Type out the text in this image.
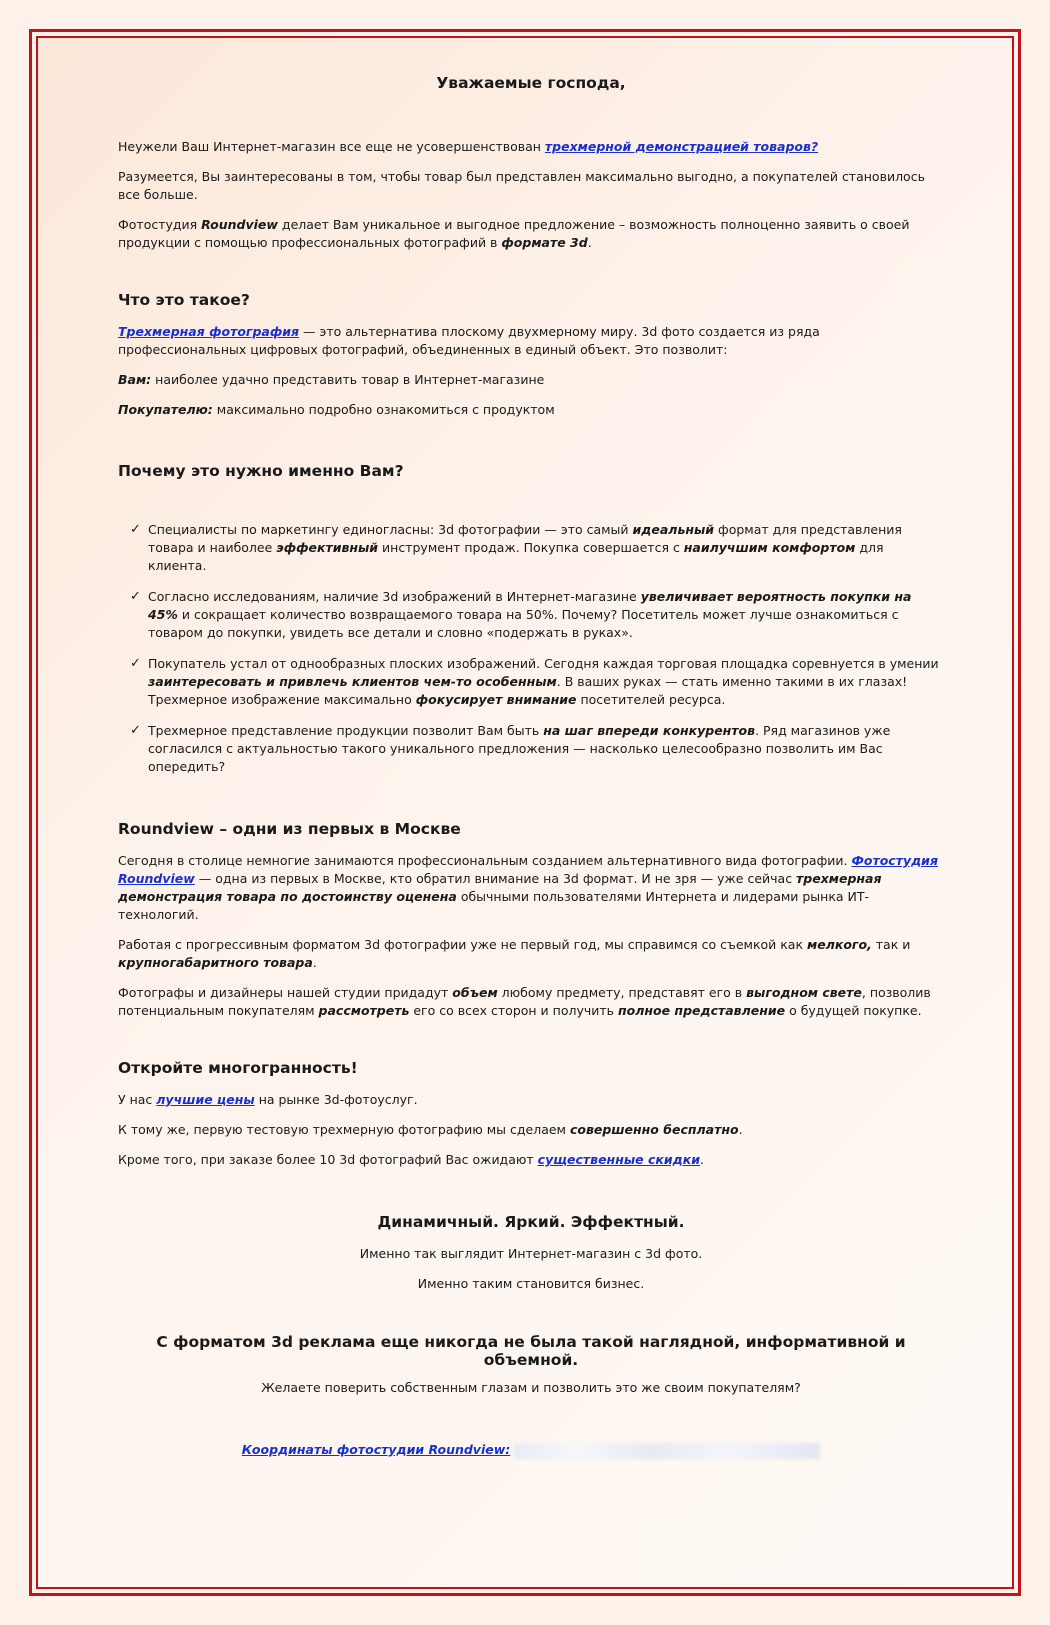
Уважаемые господа,

Неужели Ваш Интернет-магазин все еще не усовершенствован трехмерной демонстрацией товаров?

Разумеется, Вы заинтересованы в том, чтобы товар был представлен максимально выгодно, а покупателей становилось все больше.

Фотостудия Roundview делает Вам уникальное и выгодное предложение – возможность полноценно заявить о своей продукции с помощью профессиональных фотографий в формате 3d.

Что это такое?

Трехмерная фотография — это альтернатива плоскому двухмерному миру. 3d фото создается из ряда профессиональных цифровых фотографий, объединенных в единый объект. Это позволит:

Вам: наиболее удачно представить товар в Интернет-магазине

Покупателю: максимально подробно ознакомиться с продуктом

Почему это нужно именно Вам?
✓ Специалисты по маркетингу единогласны: 3d фотографии — это самый идеальный формат для представления товара и наиболее эффективный инструмент продаж. Покупка совершается с наилучшим комфортом для клиента.
✓ Согласно исследованиям, наличие 3d изображений в Интернет-магазине увеличивает вероятность покупки на 45% и сокращает количество возвращаемого товара на 50%. Почему? Посетитель может лучше ознакомиться с товаром до покупки, увидеть все детали и словно «подержать в руках».
✓ Покупатель устал от однообразных плоских изображений. Сегодня каждая торговая площадка соревнуется в умении заинтересовать и привлечь клиентов чем-то особенным. В ваших руках — стать именно такими в их глазах! Трехмерное изображение максимально фокусирует внимание посетителей ресурса.
✓ Трехмерное представление продукции позволит Вам быть на шаг впереди конкурентов. Ряд магазинов уже согласился с актуальностью такого уникального предложения — насколько целесообразно позволить им Вас опередить?
Roundview – одни из первых в Москве

Сегодня в столице немногие занимаются профессиональным созданием альтернативного вида фотографии. Фотостудия Roundview — одна из первых в Москве, кто обратил внимание на 3d формат. И не зря — уже сейчас трехмерная демонстрация товара по достоинству оценена обычными пользователями Интернета и лидерами рынка ИТ-технологий.

Работая с прогрессивным форматом 3d фотографии уже не первый год, мы справимся со съемкой как мелкого, так и крупногабаритного товара.

Фотографы и дизайнеры нашей студии придадут объем любому предмету, представят его в выгодном свете, позволив потенциальным покупателям рассмотреть его со всех сторон и получить полное представление о будущей покупке.

Откройте многогранность!

У нас лучшие цены на рынке 3d-фотоуслуг.

К тому же, первую тестовую трехмерную фотографию мы сделаем совершенно бесплатно.

Кроме того, при заказе более 10 3d фотографий Вас ожидают существенные скидки.

Динамичный. Яркий. Эффектный.

Именно так выглядит Интернет-магазин с 3d фото.

Именно таким становится бизнес.

С форматом 3d реклама еще никогда не была такой наглядной, информативной и объемной.

Желаете поверить собственным глазам и позволить это же своим покупателям?

Координаты фотостудии Roundview:
